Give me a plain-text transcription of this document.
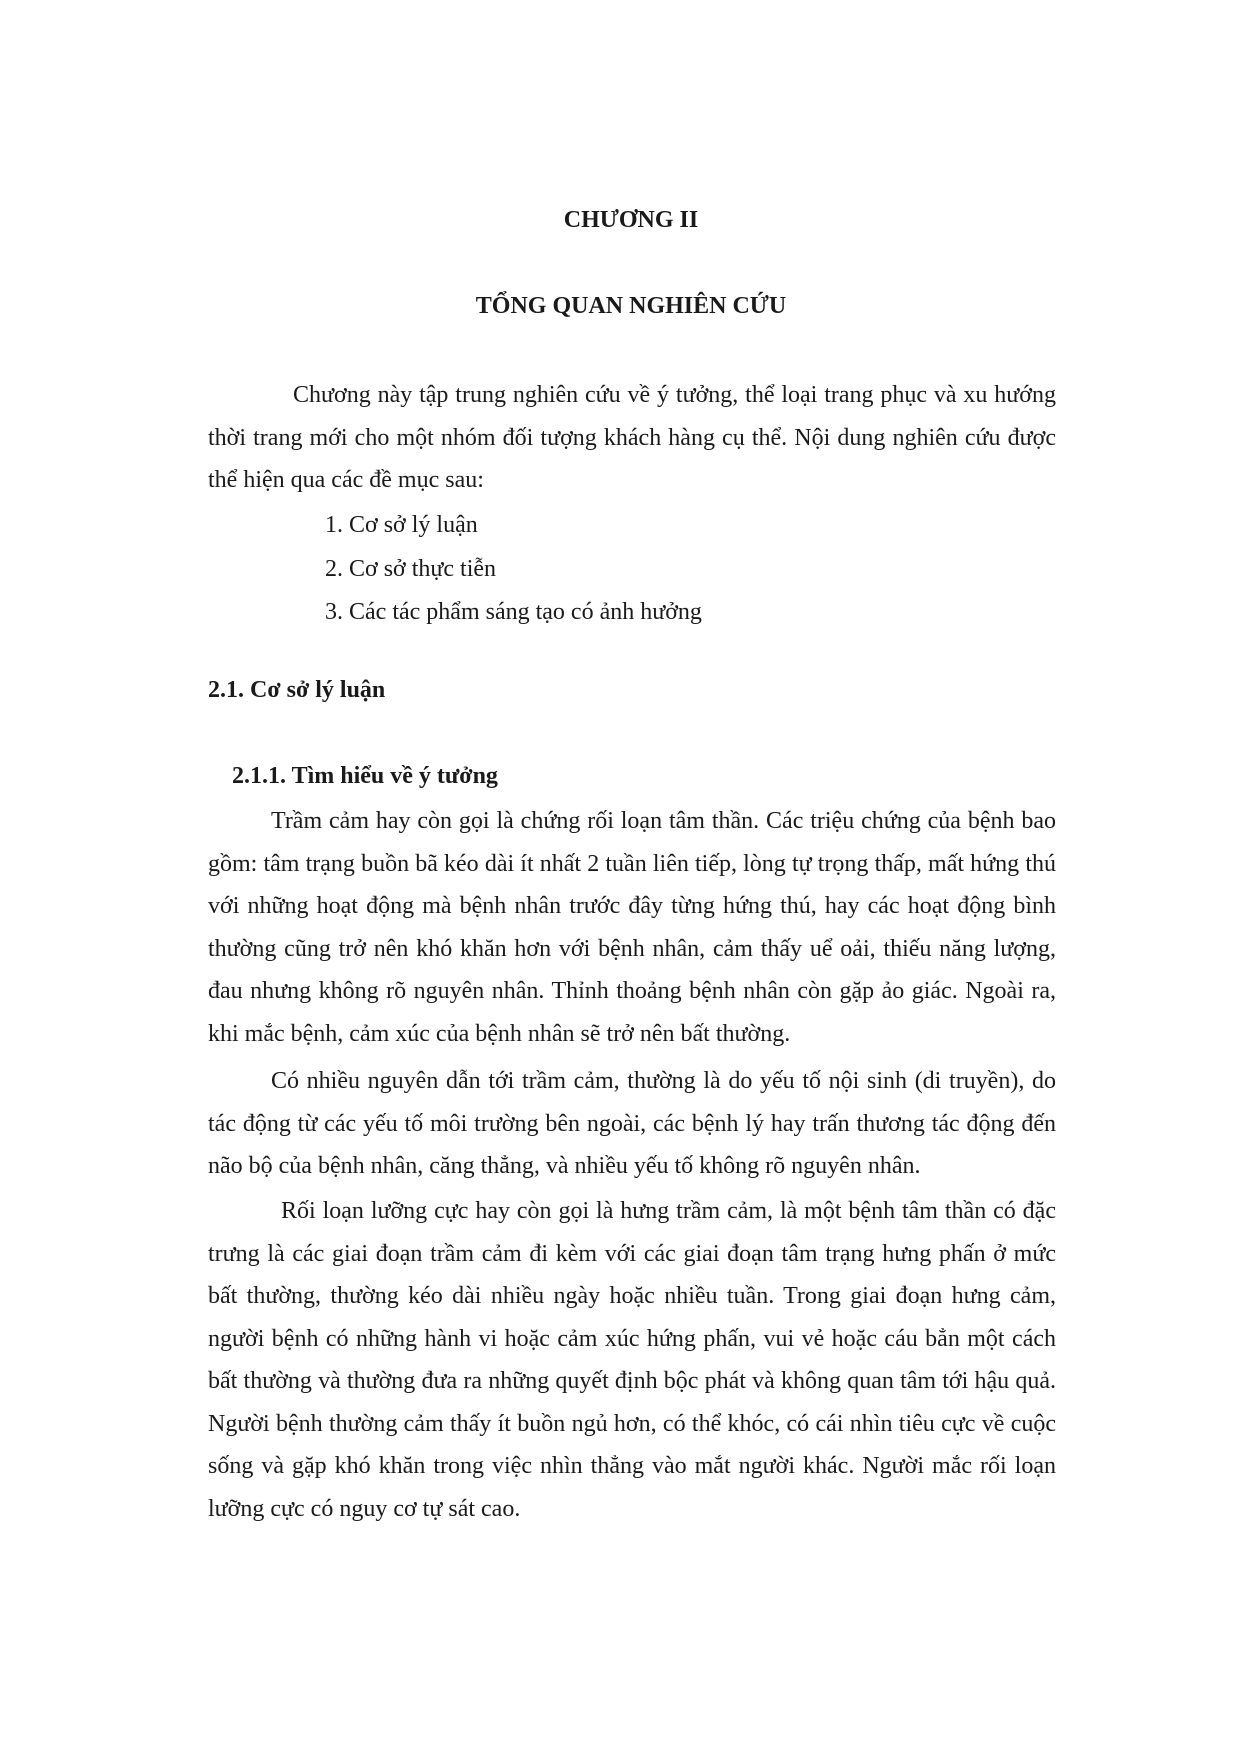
CHƯƠNG II
TỔNG QUAN NGHIÊN CỨU

Chương này tập trung nghiên cứu về ý tưởng, thể loại trang phục và xu hướng thời trang mới cho một nhóm đối tượng khách hàng cụ thể. Nội dung nghiên cứu được thể hiện qua các đề mục sau:

1. Cơ sở lý luận
2. Cơ sở thực tiễn
3. Các tác phẩm sáng tạo có ảnh hưởng
2.1. Cơ sở lý luận
2.1.1. Tìm hiểu về ý tưởng

Trầm cảm hay còn gọi là chứng rối loạn tâm thần. Các triệu chứng của bệnh bao gồm: tâm trạng buồn bã kéo dài ít nhất 2 tuần liên tiếp, lòng tự trọng thấp, mất hứng thú với những hoạt động mà bệnh nhân trước đây từng hứng thú, hay các hoạt động bình thường cũng trở nên khó khăn hơn với bệnh nhân, cảm thấy uể oải, thiếu năng lượng, đau nhưng không rõ nguyên nhân. Thỉnh thoảng bệnh nhân còn gặp ảo giác. Ngoài ra, khi mắc bệnh, cảm xúc của bệnh nhân sẽ trở nên bất thường.

Có nhiều nguyên dẫn tới trầm cảm, thường là do yếu tố nội sinh (di truyền), do tác động từ các yếu tố môi trường bên ngoài, các bệnh lý hay trấn thương tác động đến não bộ của bệnh nhân, căng thẳng, và nhiều yếu tố không rõ nguyên nhân.

Rối loạn lưỡng cực hay còn gọi là hưng trầm cảm, là một bệnh tâm thần có đặc trưng là các giai đoạn trầm cảm đi kèm với các giai đoạn tâm trạng hưng phấn ở mức bất thường, thường kéo dài nhiều ngày hoặc nhiều tuần. Trong giai đoạn hưng cảm, người bệnh có những hành vi hoặc cảm xúc hứng phấn, vui vẻ hoặc cáu bẳn một cách bất thường và thường đưa ra những quyết định bộc phát và không quan tâm tới hậu quả. Người bệnh thường cảm thấy ít buồn ngủ hơn, có thể khóc, có cái nhìn tiêu cực về cuộc sống và gặp khó khăn trong việc nhìn thẳng vào mắt người khác. Người mắc rối loạn lưỡng cực có nguy cơ tự sát cao.
